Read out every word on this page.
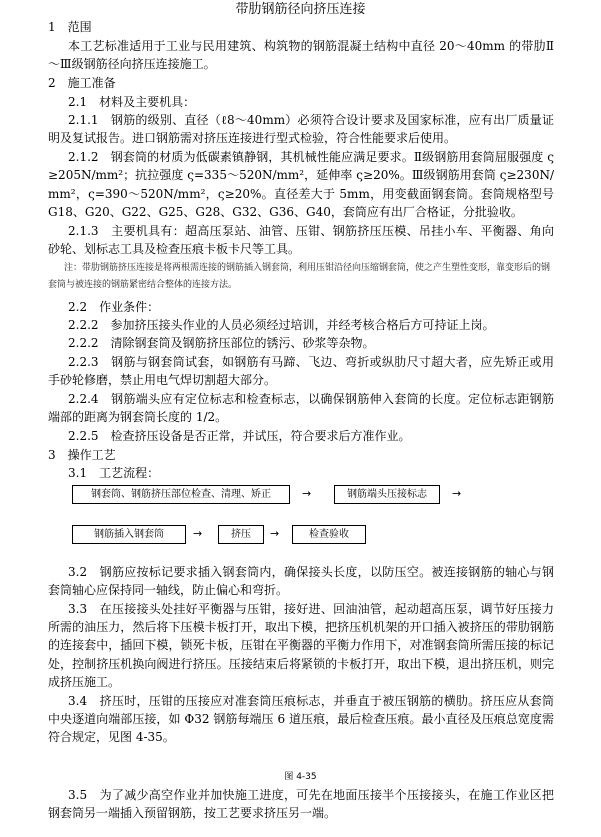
带肋钢筋径向挤压连接
1　范围
本工艺标准适用于工业与民用建筑、构筑物的钢筋混凝土结构中直径 20～40mm 的带肋Ⅱ～Ⅲ级钢筋径向挤压连接施工。
2　施工准备
2.1　材料及主要机具：
2.1.1　钢筋的级别、直径（ℓ8～40mm）必须符合设计要求及国家标准，应有出厂质量证明及复试报告。进口钢筋需对挤压连接进行型式检验，符合性能要求后使用。
2.1.2　钢套筒的材质为低碳素镇静钢，其机械性能应满足要求。Ⅱ级钢筋用套筒屈服强度 ς≥205N/mm²；抗拉强度 ς=335～520N/mm²，延伸率 ς≥20%。Ⅲ级钢筋用套筒 ς≥230N/mm²，ς=390～520N/mm²，ς≥20%。直径差大于 5mm，用变截面钢套筒。套筒规格型号 G18、G20、G22、G25、G28、G32、G36、G40，套筒应有出厂合格证，分批验收。
2.1.3　主要机具有：超高压泵站、油管、压钳、钢筋挤压压模、吊挂小车、平衡器、角向砂轮、划标志工具及检查压痕卡板卡尺等工具。
注：带肋钢筋挤压连接是将两根需连接的钢筋插入钢套筒，利用压钳沿径向压缩钢套筒，使之产生塑性变形，靠变形后的钢套筒与被连接的钢筋紧密结合整体的连接方法。
2.2　作业条件：
2.2.2　参加挤压接头作业的人员必须经过培训，并经考核合格后方可持证上岗。
2.2.2　清除钢套筒及钢筋挤压部位的锈污、砂浆等杂物。
2.2.3　钢筋与钢套筒试套，如钢筋有马蹄、飞边、弯折或纵肋尺寸超大者，应先矫正或用手砂轮修磨，禁止用电气焊切割超大部分。
2.2.4　钢筋端头应有定位标志和检查标志，以确保钢筋伸入套筒的长度。定位标志距钢筋端部的距离为钢套筒长度的 1/2。
2.2.5　检查挤压设备是否正常，并试压，符合要求后方准作业。
3　操作工艺
3.1　工艺流程：
钢套筒、钢筋挤压部位检查、清理、矫正	→	钢筋端头压接标志	→
钢筋插入钢套筒	→	挤压	→	检查验收
3.2　钢筋应按标记要求插入钢套筒内，确保接头长度，以防压空。被连接钢筋的轴心与钢套筒轴心应保持同一轴线，防止偏心和弯折。
3.3　在压接接头处挂好平衡器与压钳，接好进、回油油管，起动超高压泵，调节好压接力所需的油压力，然后将下压模卡板打开，取出下模，把挤压机机架的开口插入被挤压的带肋钢筋的连接套中，插回下模，锁死卡板，压钳在平衡器的平衡力作用下，对准钢套筒所需压接的标记处，控制挤压机换向阀进行挤压。压接结束后将紧锁的卡板打开，取出下模，退出挤压机，则完成挤压施工。
3.4　挤压时，压钳的压接应对准套筒压痕标志，并垂直于被压钢筋的横肋。挤压应从套筒中央逐道向端部压接，如 Φ32 钢筋每端压 6 道压痕，最后检查压痕。最小直径及压痕总宽度需符合规定，见图 4-35。
图 4-35
3.5　为了减少高空作业并加快施工进度，可先在地面压接半个压接接头，在施工作业区把钢套筒另一端插入预留钢筋，按工艺要求挤压另一端。
